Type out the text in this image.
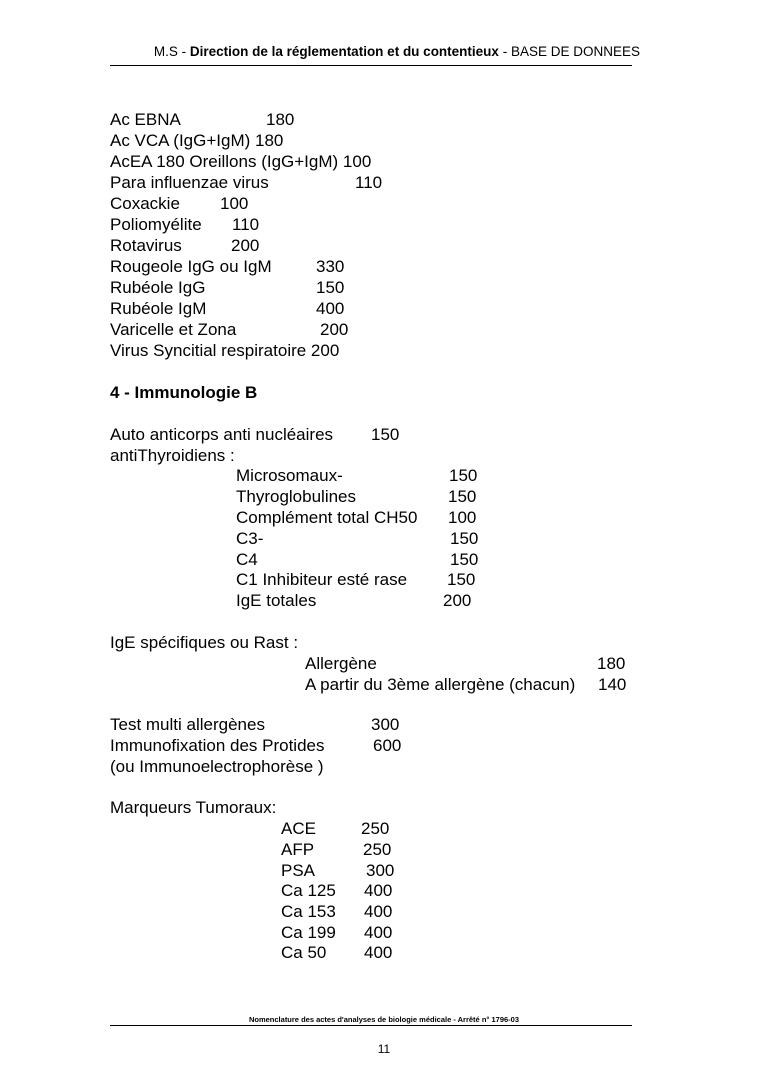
M.S - Direction de la réglementation et du contentieux - BASE DE DONNEES
Ac EBNA	180
Ac VCA (IgG+IgM) 180
AcEA 180 Oreillons (IgG+IgM) 100
Para influenzae virus	110
Coxackie 100
Poliomyélite 110
Rotavirus	200
Rougeole IgG ou IgM	330
Rubéole IgG	150
Rubéole IgM	400
Varicelle et Zona	200
Virus Syncitial respiratoire 200
4 - Immunologie B
Auto anticorps anti nucléaires 150
antiThyroidiens :
Microsomaux-	150
Thyroglobulines	150
Complément total CH50 100
C3-	150
C4	150
C1 Inhibiteur esté rase 150
IgE totales	200
IgE spécifiques ou Rast :
Allergène	180
A partir du 3ème allergène (chacun) 140
Test multi allergènes	300
Immunofixation des Protides	600
(ou Immunoelectrophorèse )
Marqueurs Tumoraux:
ACE	250
AFP	250
PSA	300
Ca 125 400
Ca 153 400
Ca 199 400
Ca 50 400
Nomenclature des actes d'analyses de biologie médicale - Arrêté n° 1796-03
11
